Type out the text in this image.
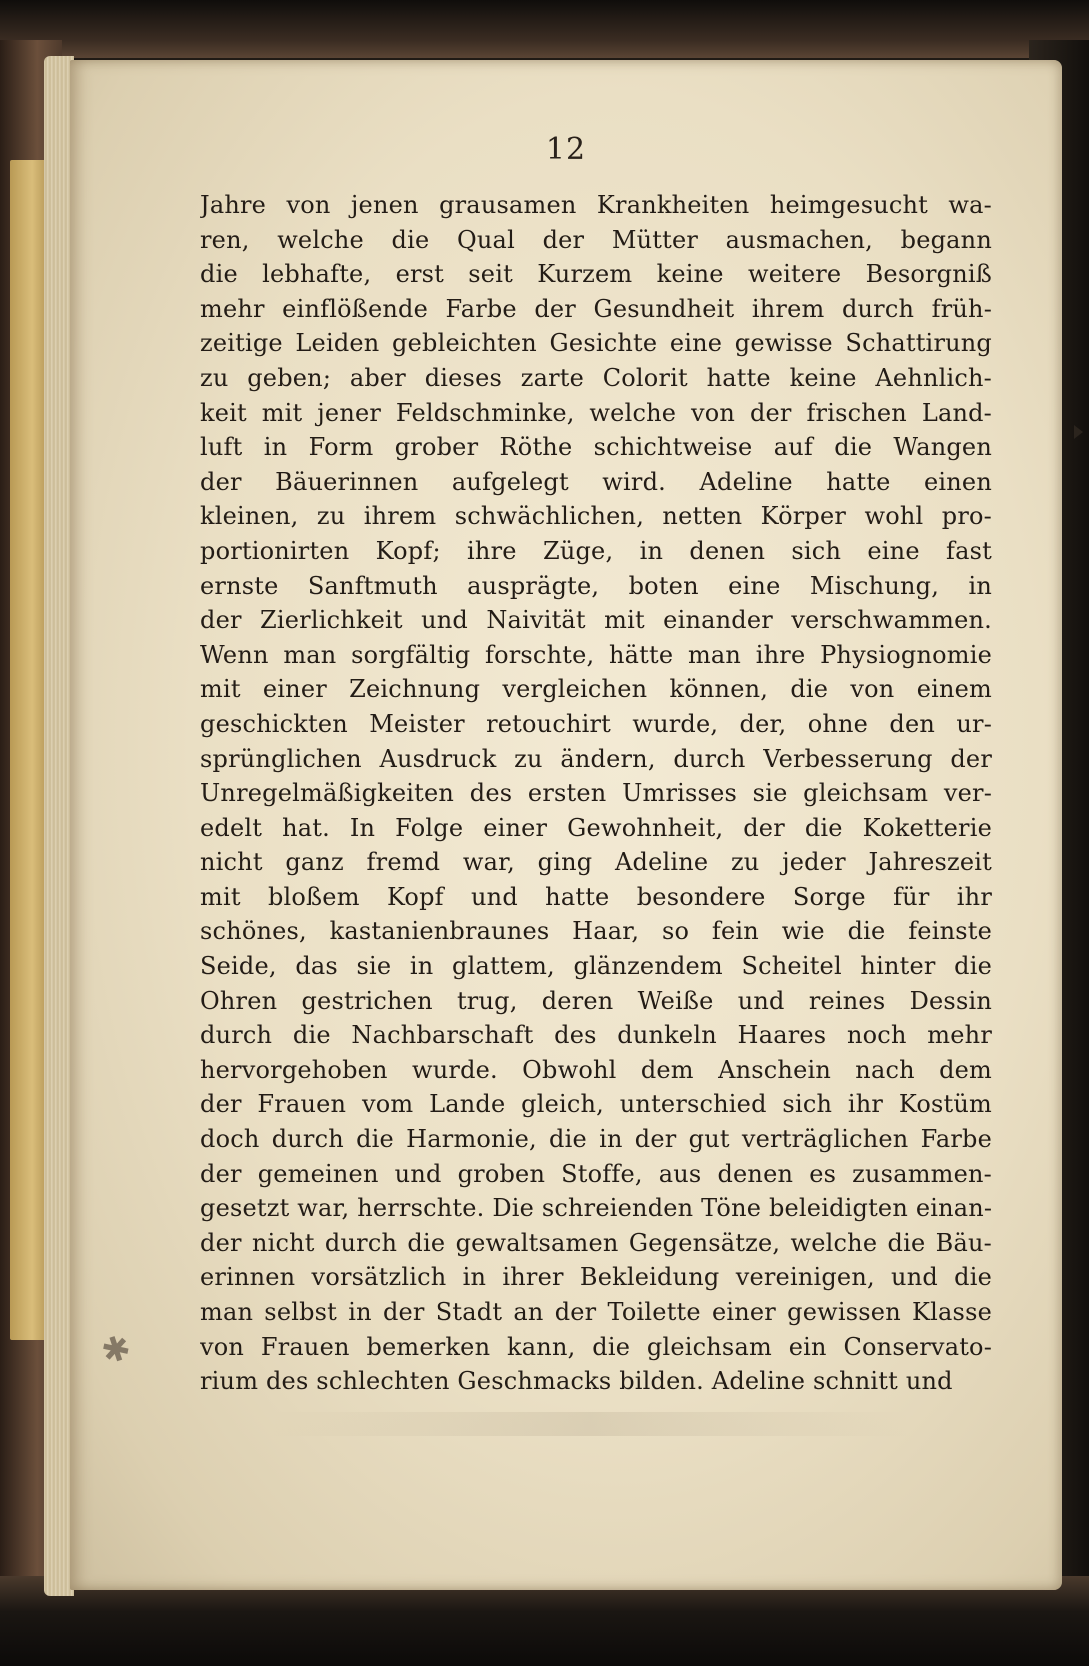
12
Jahre von jenen grausamen Krankheiten heimgesucht wa-
ren, welche die Qual der Mütter ausmachen, begann
die lebhafte, erst seit Kurzem keine weitere Besorgniß
mehr einflößende Farbe der Gesundheit ihrem durch früh-
zeitige Leiden gebleichten Gesichte eine gewisse Schattirung
zu geben; aber dieses zarte Colorit hatte keine Aehnlich-
keit mit jener Feldschminke, welche von der frischen Land-
luft in Form grober Röthe schichtweise auf die Wangen
der Bäuerinnen aufgelegt wird. Adeline hatte einen
kleinen, zu ihrem schwächlichen, netten Körper wohl pro-
portionirten Kopf; ihre Züge, in denen sich eine fast
ernste Sanftmuth ausprägte, boten eine Mischung, in
der Zierlichkeit und Naivität mit einander verschwammen.
Wenn man sorgfältig forschte, hätte man ihre Physiognomie
mit einer Zeichnung vergleichen können, die von einem
geschickten Meister retouchirt wurde, der, ohne den ur-
sprünglichen Ausdruck zu ändern, durch Verbesserung der
Unregelmäßigkeiten des ersten Umrisses sie gleichsam ver-
edelt hat. In Folge einer Gewohnheit, der die Koketterie
nicht ganz fremd war, ging Adeline zu jeder Jahreszeit
mit bloßem Kopf und hatte besondere Sorge für ihr
schönes, kastanienbraunes Haar, so fein wie die feinste
Seide, das sie in glattem, glänzendem Scheitel hinter die
Ohren gestrichen trug, deren Weiße und reines Dessin
durch die Nachbarschaft des dunkeln Haares noch mehr
hervorgehoben wurde. Obwohl dem Anschein nach dem
der Frauen vom Lande gleich, unterschied sich ihr Kostüm
doch durch die Harmonie, die in der gut verträglichen Farbe
der gemeinen und groben Stoffe, aus denen es zusammen-
gesetzt war, herrschte. Die schreienden Töne beleidigten einan-
der nicht durch die gewaltsamen Gegensätze, welche die Bäu-
erinnen vorsätzlich in ihrer Bekleidung vereinigen, und die
man selbst in der Stadt an der Toilette einer gewissen Klasse
von Frauen bemerken kann, die gleichsam ein Conservato-
rium des schlechten Geschmacks bilden. Adeline schnitt und
✱
